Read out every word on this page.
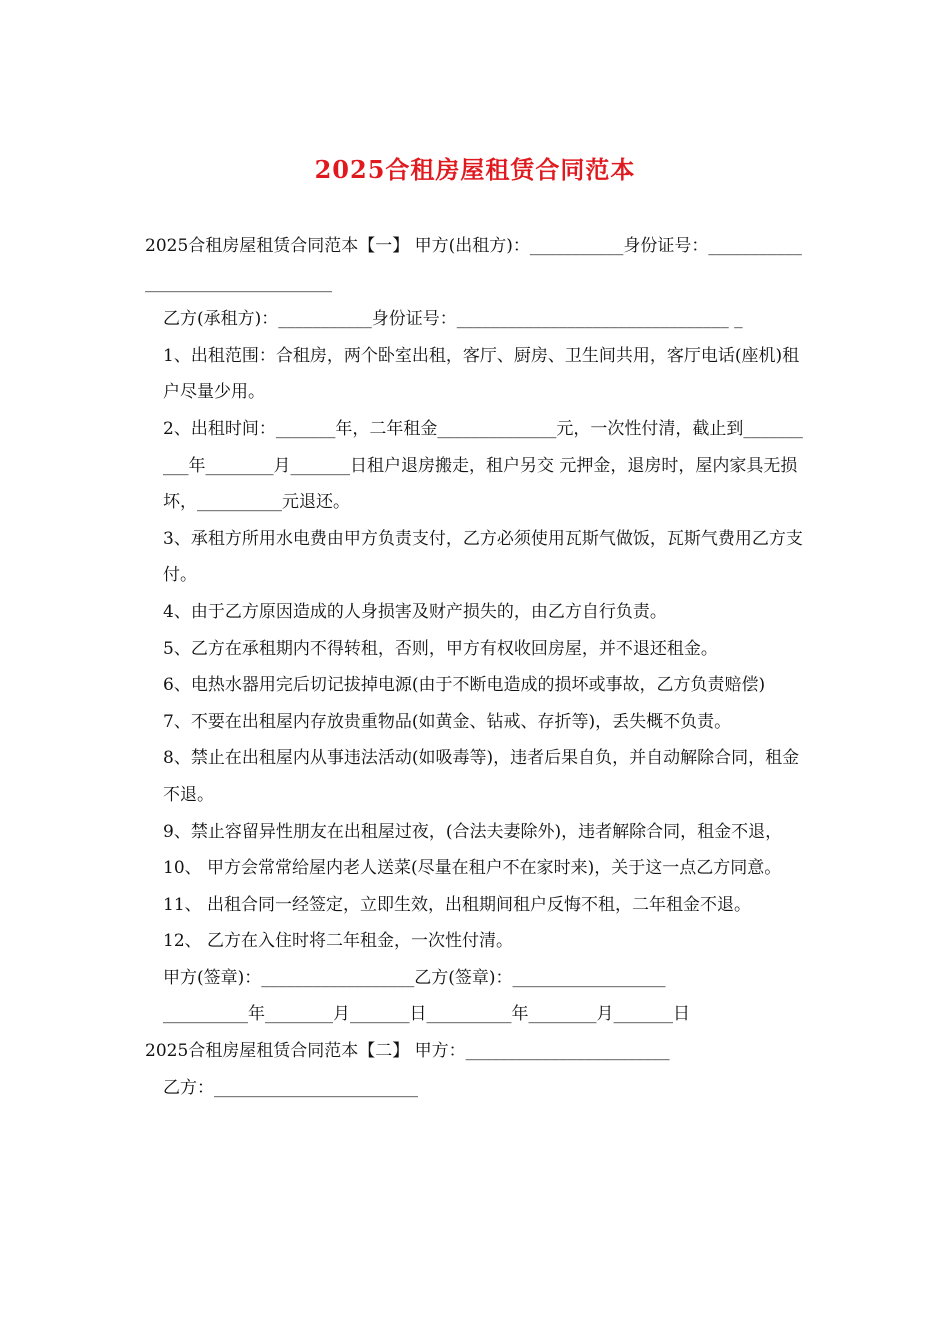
2025合租房屋租赁合同范本

2025合租房屋租赁合同范本【一】 甲方(出租方)：___________身份证号：_________________________________

乙方(承租方)：___________身份证号：________________________________ _

1、出租范围：合租房，两个卧室出租，客厅、厨房、卫生间共用，客厅电话(座机)租户尽量少用。

2、出租时间：_______年，二年租金______________元，一次性付清，截止到__________年________月_______日租户退房搬走，租户另交 元押金，退房时，屋内家具无损坏，__________元退还。

3、承租方所用水电费由甲方负责支付，乙方必须使用瓦斯气做饭，瓦斯气费用乙方支付。

4、由于乙方原因造成的人身损害及财产损失的，由乙方自行负责。

5、乙方在承租期内不得转租，否则，甲方有权收回房屋，并不退还租金。

6、电热水器用完后切记拔掉电源(由于不断电造成的损坏或事故，乙方负责赔偿)

7、不要在出租屋内存放贵重物品(如黄金、钻戒、存折等)，丢失概不负责。

8、禁止在出租屋内从事违法活动(如吸毒等)，违者后果自负，并自动解除合同，租金不退。

9、禁止容留异性朋友在出租屋过夜，(合法夫妻除外)，违者解除合同，租金不退，

10、 甲方会常常给屋内老人送菜(尽量在租户不在家时来)，关于这一点乙方同意。

11、 出租合同一经签定，立即生效，出租期间租户反悔不租，二年租金不退。

12、 乙方在入住时将二年租金，一次性付清。

甲方(签章)：__________________乙方(签章)：__________________

__________年________月_______日__________年________月_______日

2025合租房屋租赁合同范本【二】 甲方：________________________

乙方：________________________
